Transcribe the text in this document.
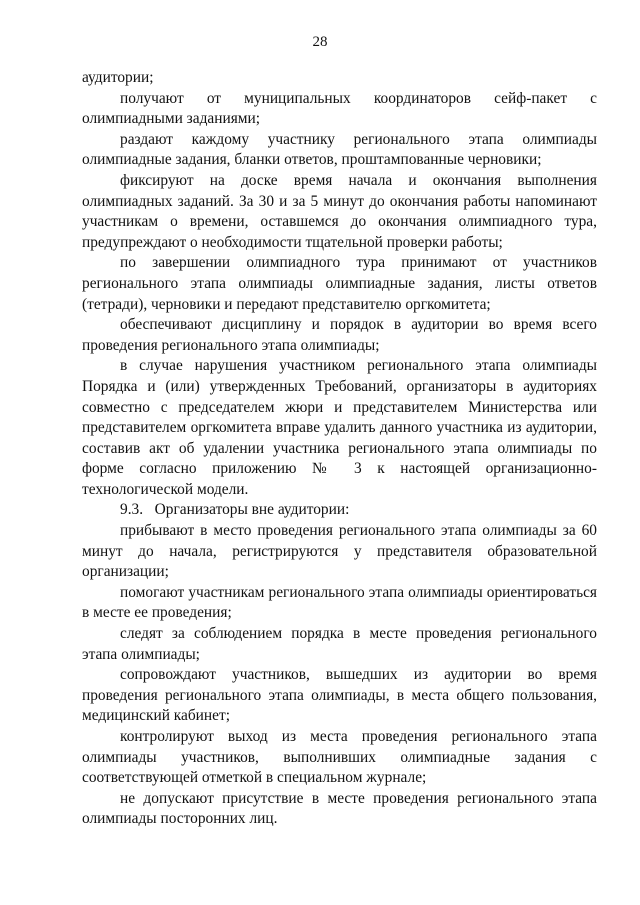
28

аудитории;

получают от муниципальных координаторов сейф-пакет с олимпиадными заданиями;

раздают каждому участнику регионального этапа олимпиады олимпиадные задания, бланки ответов, проштампованные черновики;

фиксируют на доске время начала и окончания выполнения олимпиадных заданий. За 30 и за 5 минут до окончания работы напоминают участникам о времени, оставшемся до окончания олимпиадного тура, предупреждают о необходимости тщательной проверки работы;

по завершении олимпиадного тура принимают от участников регионального этапа олимпиады олимпиадные задания, листы ответов (тетради), черновики и передают представителю оргкомитета;

обеспечивают дисциплину и порядок в аудитории во время всего проведения регионального этапа олимпиады;

в случае нарушения участником регионального этапа олимпиады Порядка и (или) утвержденных Требований, организаторы в аудиториях совместно с председателем жюри и представителем Министерства или представителем оргкомитета вправе удалить данного участника из аудитории, составив акт об удалении участника регионального этапа олимпиады по форме согласно приложению № 3 к настоящей организационно-технологической модели.

9.3.   Организаторы вне аудитории:

прибывают в место проведения регионального этапа олимпиады за 60 минут до начала, регистрируются у представителя образовательной организации;

помогают участникам регионального этапа олимпиады ориентироваться в месте ее проведения;

следят за соблюдением порядка в месте проведения регионального этапа олимпиады;

сопровождают участников, вышедших из аудитории во время проведения регионального этапа олимпиады, в места общего пользования, медицинский кабинет;

контролируют выход из места проведения регионального этапа олимпиады участников, выполнивших олимпиадные задания с соответствующей отметкой в специальном журнале;

не допускают присутствие в месте проведения регионального этапа олимпиады посторонних лиц.
